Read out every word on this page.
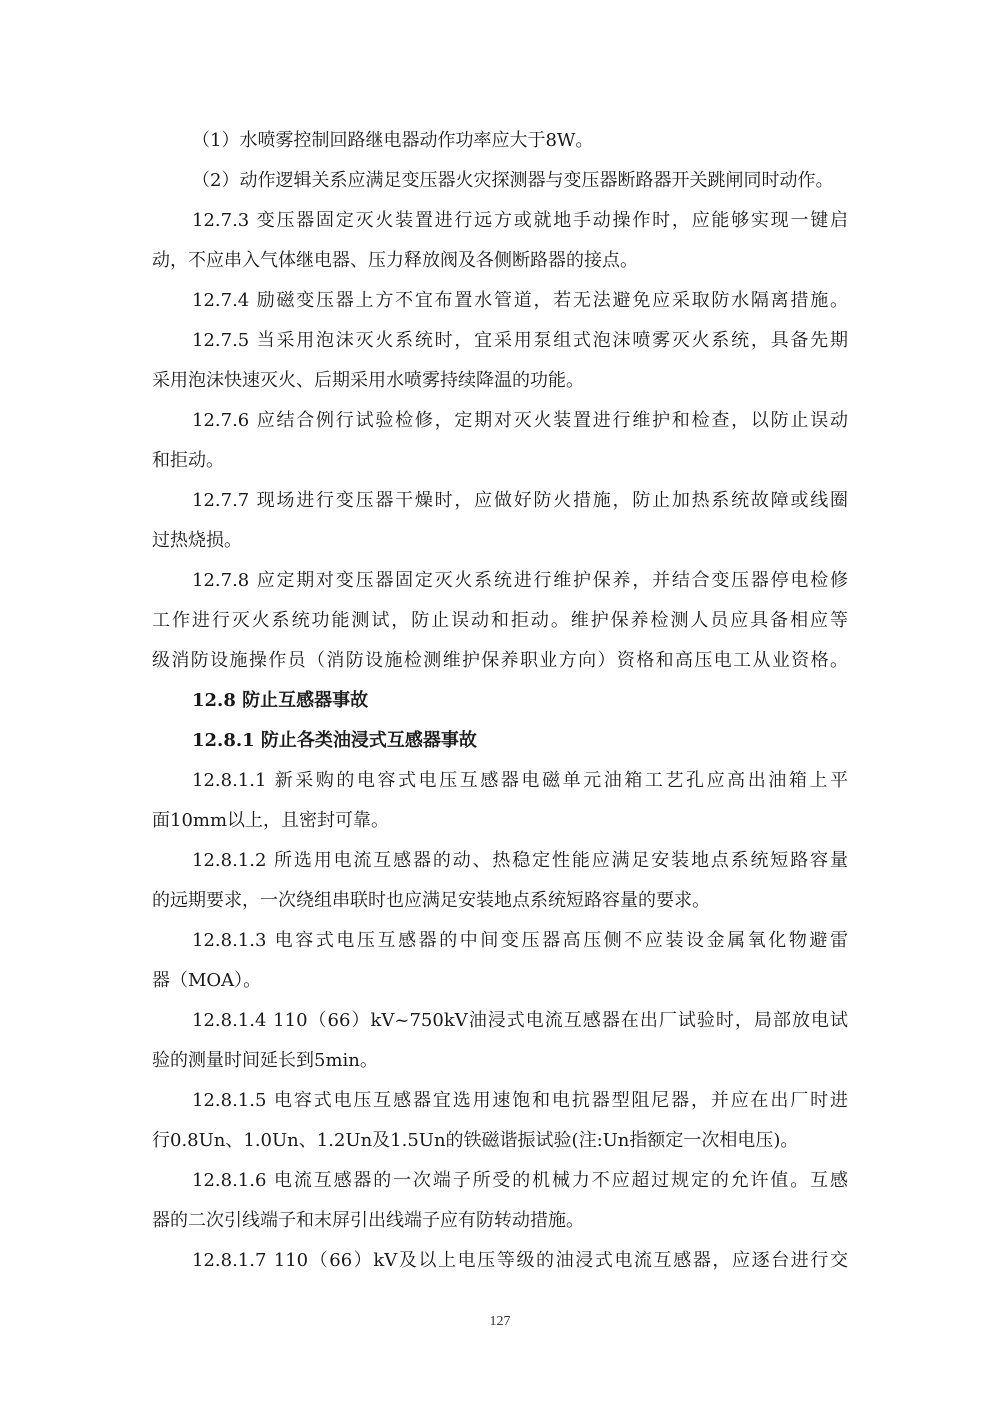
（1）水喷雾控制回路继电器动作功率应大于8W。

（2）动作逻辑关系应满足变压器火灾探测器与变压器断路器开关跳闸同时动作。

12.7.3 变压器固定灭火装置进行远方或就地手动操作时，应能够实现一键启

动，不应串入气体继电器、压力释放阀及各侧断路器的接点。

12.7.4 励磁变压器上方不宜布置水管道，若无法避免应采取防水隔离措施。

12.7.5 当采用泡沫灭火系统时，宜采用泵组式泡沫喷雾灭火系统，具备先期

采用泡沫快速灭火、后期采用水喷雾持续降温的功能。

12.7.6 应结合例行试验检修，定期对灭火装置进行维护和检查，以防止误动

和拒动。

12.7.7 现场进行变压器干燥时，应做好防火措施，防止加热系统故障或线圈

过热烧损。

12.7.8 应定期对变压器固定灭火系统进行维护保养，并结合变压器停电检修

工作进行灭火系统功能测试，防止误动和拒动。维护保养检测人员应具备相应等

级消防设施操作员（消防设施检测维护保养职业方向）资格和高压电工从业资格。

12.8 防止互感器事故

12.8.1 防止各类油浸式互感器事故

12.8.1.1 新采购的电容式电压互感器电磁单元油箱工艺孔应高出油箱上平

面10mm以上，且密封可靠。

12.8.1.2 所选用电流互感器的动、热稳定性能应满足安装地点系统短路容量

的远期要求，一次绕组串联时也应满足安装地点系统短路容量的要求。

12.8.1.3 电容式电压互感器的中间变压器高压侧不应装设金属氧化物避雷

器（MOA）。

12.8.1.4 110（66）kV~750kV油浸式电流互感器在出厂试验时，局部放电试

验的测量时间延长到5min。

12.8.1.5 电容式电压互感器宜选用速饱和电抗器型阻尼器，并应在出厂时进

行0.8Un、1.0Un、1.2Un及1.5Un的铁磁谐振试验(注:Un指额定一次相电压)。

12.8.1.6 电流互感器的一次端子所受的机械力不应超过规定的允许值。互感

器的二次引线端子和末屏引出线端子应有防转动措施。

12.8.1.7 110（66）kV及以上电压等级的油浸式电流互感器，应逐台进行交

127
